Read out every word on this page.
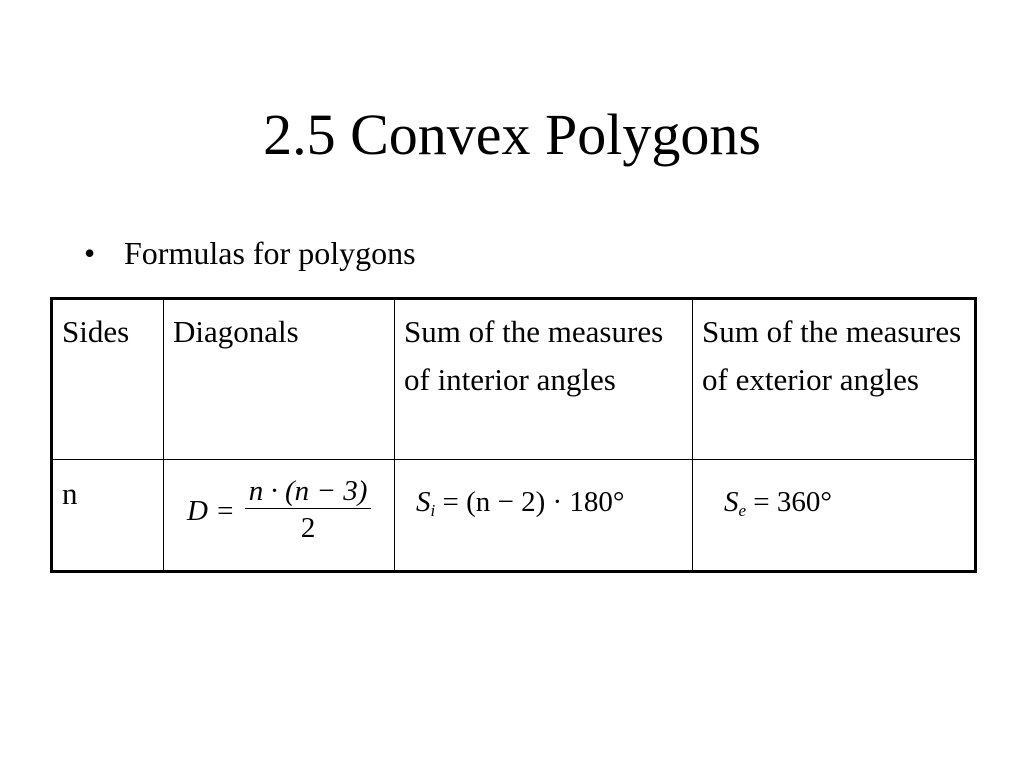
2.5 Convex Polygons
• Formulas for polygons
Sides	Diagonals	Sum of the measures of interior angles	Sum of the measures of exterior angles
n	$D = \frac{n \cdot (n - 3)}{2}$	Si = (n − 2) · 180°	Se = 360°
